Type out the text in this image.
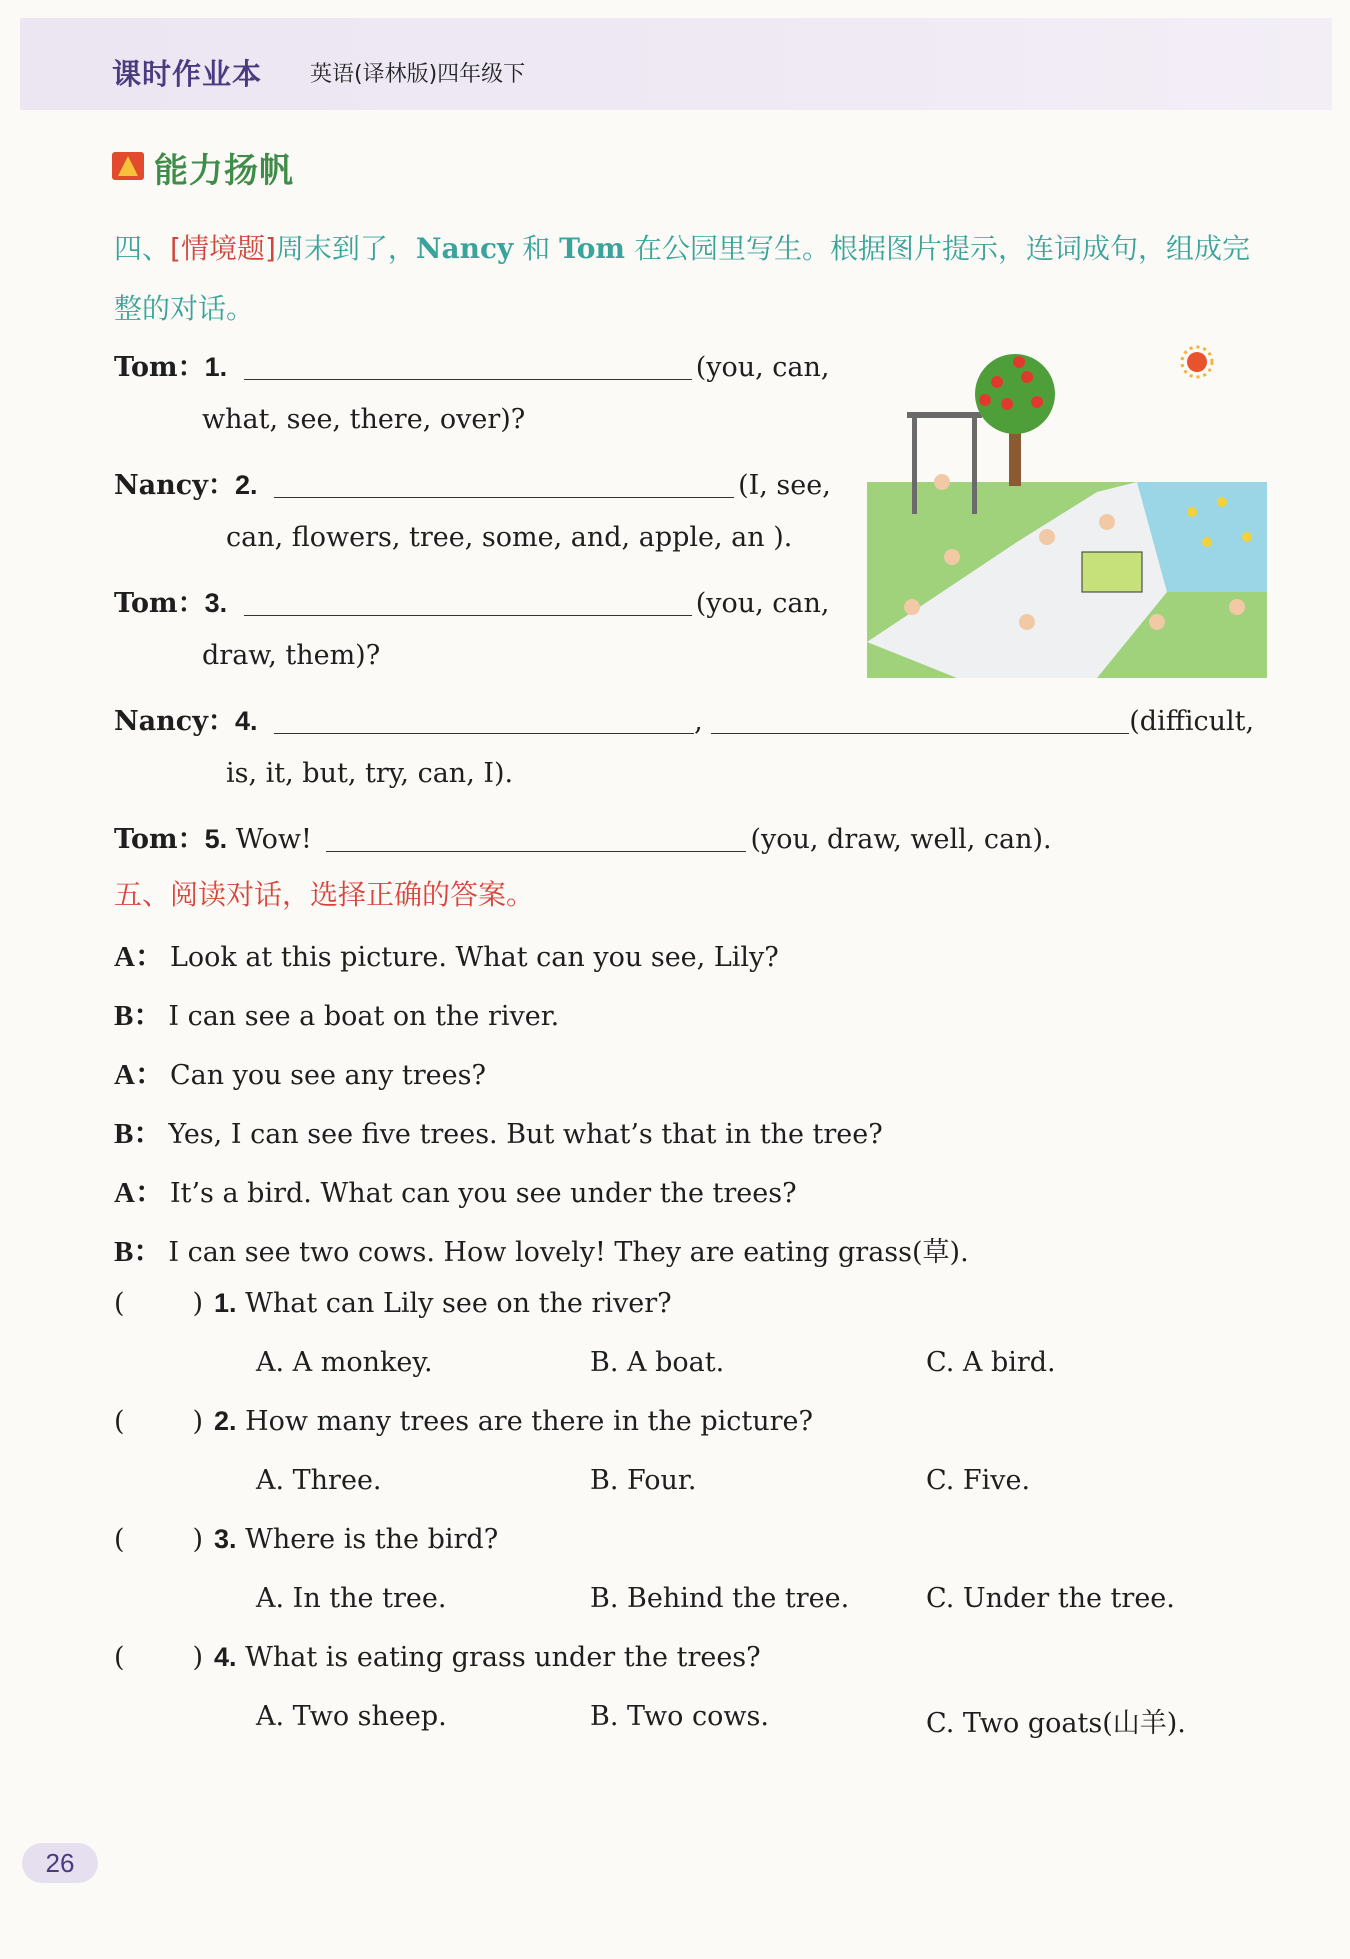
课时作业本 英语(译林版)四年级下
能力扬帆
四、[情境题]周末到了，Nancy 和 Tom 在公园里写生。根据图片提示，连词成句，组成完整的对话。
Tom：1.	(you, can,
what, see, there, over)?
Nancy：2.	(I, see,
can, flowers, tree, some, and, apple, an ).
Tom：3.	(you, can,
draw, them)?
Nancy：4.	,	(difficult,
is, it, but, try, can, I).
Tom：5. Wow!	(you, draw, well, can).
五、阅读对话，选择正确的答案。
A： Look at this picture. What can you see, Lily?
B： I can see a boat on the river.
A： Can you see any trees?
B： Yes, I can see five trees. But what’s that in the tree?
A： It’s a bird. What can you see under the trees?
B： I can see two cows. How lovely! They are eating grass(草).
(	) 1. What can Lily see on the river?
A. A monkey.	B. A boat.	C. A bird.
(	) 2. How many trees are there in the picture?
A. Three.	B. Four.	C. Five.
(	) 3. Where is the bird?
A. In the tree.	B. Behind the tree.	C. Under the tree.
(	) 4. What is eating grass under the trees?
A. Two sheep.	B. Two cows.	C. Two goats(山羊).
26
